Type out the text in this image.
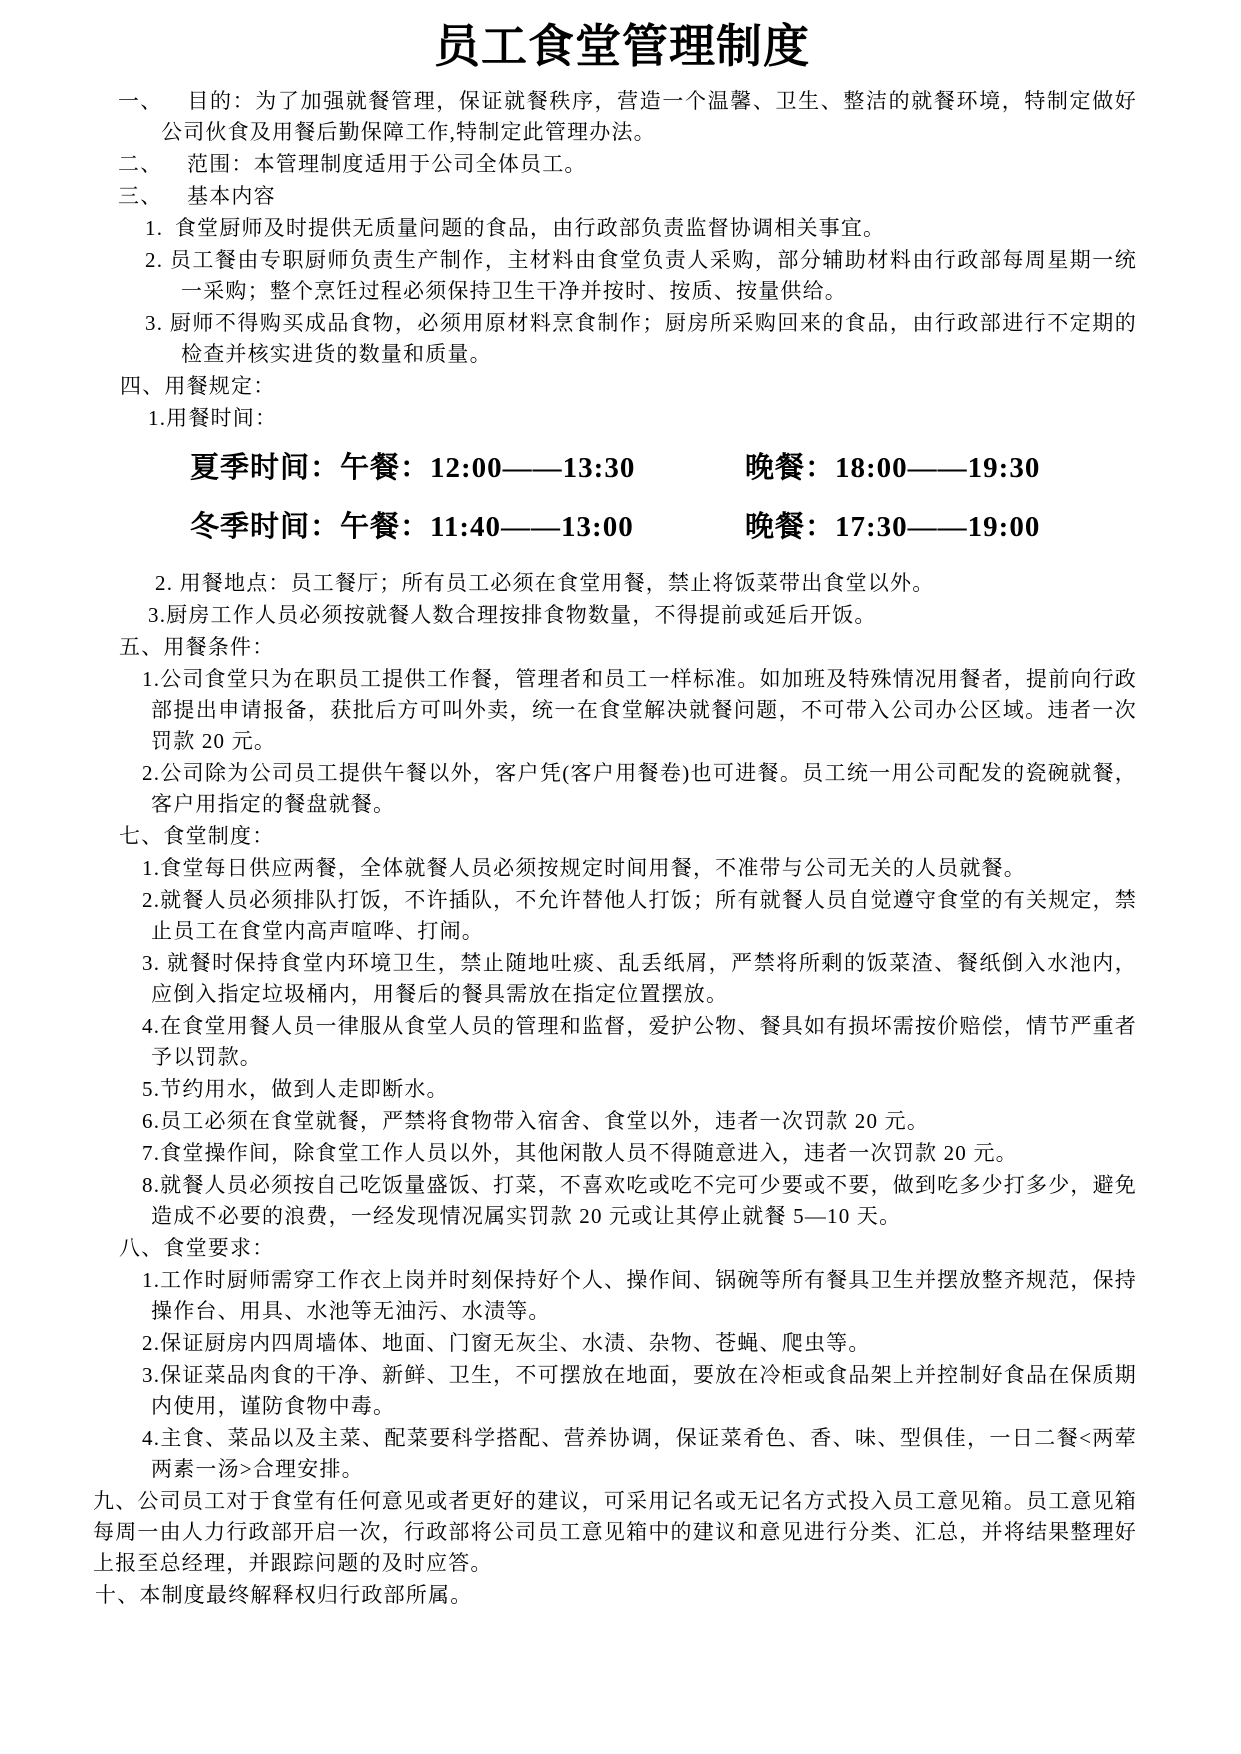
员工食堂管理制度

一、 目的：为了加强就餐管理，保证就餐秩序，营造一个温馨、卫生、整洁的就餐环境，特制定做好公司伙食及用餐后勤保障工作,特制定此管理办法。

二、 范围：本管理制度适用于公司全体员工。

三、 基本内容

1. 食堂厨师及时提供无质量问题的食品，由行政部负责监督协调相关事宜。

2. 员工餐由专职厨师负责生产制作，主材料由食堂负责人采购，部分辅助材料由行政部每周星期一统一采购；整个烹饪过程必须保持卫生干净并按时、按质、按量供给。

3. 厨师不得购买成品食物，必须用原材料烹食制作；厨房所采购回来的食品，由行政部进行不定期的检查并核实进货的数量和质量。

四、用餐规定：

1.用餐时间：

夏季时间：午餐：12:00——13:30	晚餐：18:00——19:30
冬季时间：午餐：11:40——13:00	晚餐：17:30——19:00

2. 用餐地点：员工餐厅；所有员工必须在食堂用餐，禁止将饭菜带出食堂以外。

3.厨房工作人员必须按就餐人数合理按排食物数量，不得提前或延后开饭。

五、用餐条件：

1.公司食堂只为在职员工提供工作餐，管理者和员工一样标准。如加班及特殊情况用餐者，提前向行政部提出申请报备，获批后方可叫外卖，统一在食堂解决就餐问题，不可带入公司办公区域。违者一次罚款 20 元。

2.公司除为公司员工提供午餐以外，客户凭(客户用餐卷)也可进餐。员工统一用公司配发的瓷碗就餐，客户用指定的餐盘就餐。

七、食堂制度：

1.食堂每日供应两餐，全体就餐人员必须按规定时间用餐，不准带与公司无关的人员就餐。

2.就餐人员必须排队打饭，不许插队，不允许替他人打饭；所有就餐人员自觉遵守食堂的有关规定，禁止员工在食堂内高声喧哗、打闹。

3. 就餐时保持食堂内环境卫生，禁止随地吐痰、乱丢纸屑，严禁将所剩的饭菜渣、餐纸倒入水池内，应倒入指定垃圾桶内，用餐后的餐具需放在指定位置摆放。

4.在食堂用餐人员一律服从食堂人员的管理和监督，爱护公物、餐具如有损坏需按价赔偿，情节严重者予以罚款。

5.节约用水，做到人走即断水。

6.员工必须在食堂就餐，严禁将食物带入宿舍、食堂以外，违者一次罚款 20 元。

7.食堂操作间，除食堂工作人员以外，其他闲散人员不得随意进入，违者一次罚款 20 元。

8.就餐人员必须按自己吃饭量盛饭、打菜，不喜欢吃或吃不完可少要或不要，做到吃多少打多少，避免造成不必要的浪费，一经发现情况属实罚款 20 元或让其停止就餐 5—10 天。

八、食堂要求：

1.工作时厨师需穿工作衣上岗并时刻保持好个人、操作间、锅碗等所有餐具卫生并摆放整齐规范，保持操作台、用具、水池等无油污、水渍等。

2.保证厨房内四周墙体、地面、门窗无灰尘、水渍、杂物、苍蝇、爬虫等。

3.保证菜品肉食的干净、新鲜、卫生，不可摆放在地面，要放在冷柜或食品架上并控制好食品在保质期内使用，谨防食物中毒。

4.主食、菜品以及主菜、配菜要科学搭配、营养协调，保证菜肴色、香、味、型俱佳，一日二餐<两荤两素一汤>合理安排。

九、公司员工对于食堂有任何意见或者更好的建议，可采用记名或无记名方式投入员工意见箱。员工意见箱每周一由人力行政部开启一次，行政部将公司员工意见箱中的建议和意见进行分类、汇总，并将结果整理好上报至总经理，并跟踪问题的及时应答。

十、本制度最终解释权归行政部所属。
